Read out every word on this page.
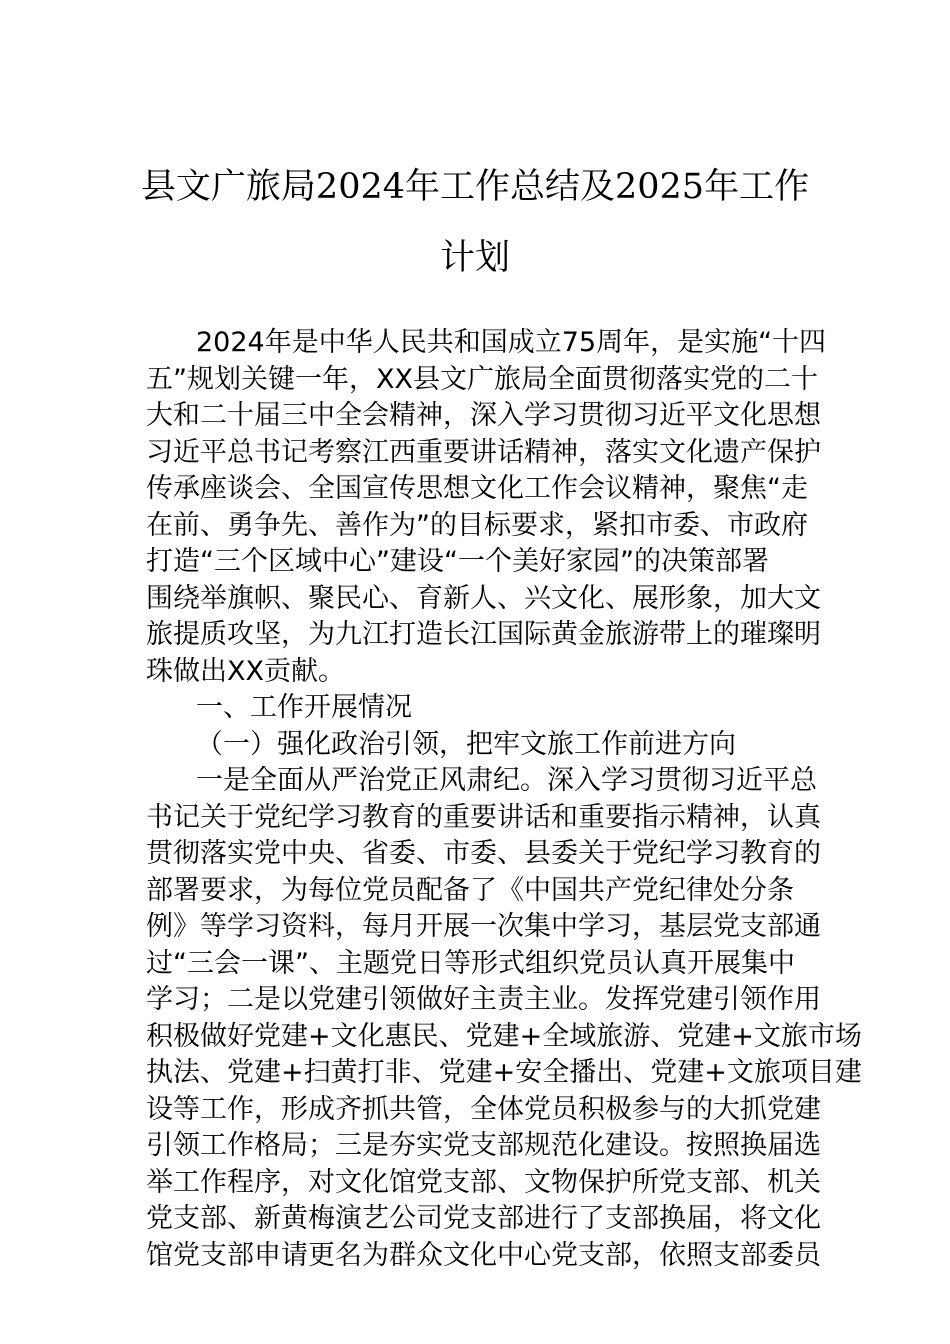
县文广旅局2024年工作总结及2025年工作
计划
2024年是中华人民共和国成立75周年，是实施“十四
五”规划关键一年，XX县文广旅局全面贯彻落实党的二十
大和二十届三中全会精神，深入学习贯彻习近平文化思想
习近平总书记考察江西重要讲话精神，落实文化遗产保护
传承座谈会、全国宣传思想文化工作会议精神，聚焦“走
在前、勇争先、善作为”的目标要求，紧扣市委、市政府
打造“三个区域中心”建设“一个美好家园”的决策部署
围绕举旗帜、聚民心、育新人、兴文化、展形象，加大文
旅提质攻坚，为九江打造长江国际黄金旅游带上的璀璨明
珠做出XX贡献。
一、工作开展情况
（一）强化政治引领，把牢文旅工作前进方向
一是全面从严治党正风肃纪。深入学习贯彻习近平总
书记关于党纪学习教育的重要讲话和重要指示精神，认真
贯彻落实党中央、省委、市委、县委关于党纪学习教育的
部署要求，为每位党员配备了《中国共产党纪律处分条
例》等学习资料，每月开展一次集中学习，基层党支部通
过“三会一课”、主题党日等形式组织党员认真开展集中
学习；二是以党建引领做好主责主业。发挥党建引领作用
积极做好党建+文化惠民、党建+全域旅游、党建+文旅市场
执法、党建+扫黄打非、党建+安全播出、党建+文旅项目建
设等工作，形成齐抓共管，全体党员积极参与的大抓党建
引领工作格局；三是夯实党支部规范化建设。按照换届选
举工作程序，对文化馆党支部、文物保护所党支部、机关
党支部、新黄梅演艺公司党支部进行了支部换届，将文化
馆党支部申请更名为群众文化中心党支部，依照支部委员
